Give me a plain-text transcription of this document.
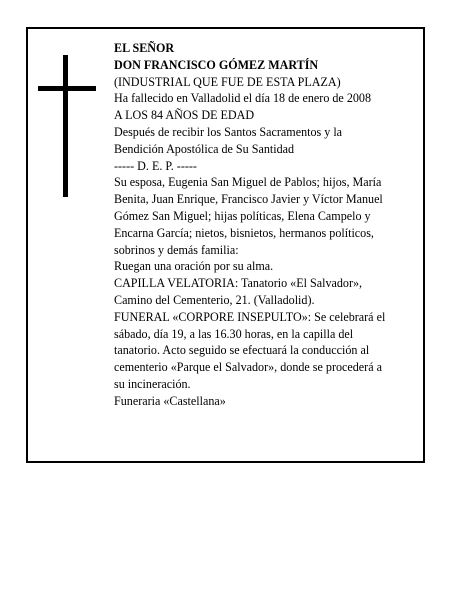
EL SEÑOR
DON FRANCISCO GÓMEZ MARTÍN
(INDUSTRIAL QUE FUE DE ESTA PLAZA)
Ha fallecido en Valladolid el día 18 de enero de 2008
A LOS 84 AÑOS DE EDAD
Después de recibir los Santos Sacramentos y la
Bendición Apostólica de Su Santidad
----- D. E. P. -----
Su esposa, Eugenia San Miguel de Pablos; hijos, María
Benita, Juan Enrique, Francisco Javier y Víctor Manuel
Gómez San Miguel; hijas políticas, Elena Campelo y
Encarna García; nietos, bisnietos, hermanos políticos,
sobrinos y demás familia:
Ruegan una oración por su alma.
CAPILLA VELATORIA: Tanatorio «El Salvador»,
Camino del Cementerio, 21. (Valladolid).
FUNERAL «CORPORE INSEPULTO»: Se celebrará el
sábado, día 19, a las 16.30 horas, en la capilla del
tanatorio. Acto seguido se efectuará la conducción al
cementerio «Parque el Salvador», donde se procederá a
su incineración.
Funeraria «Castellana»
